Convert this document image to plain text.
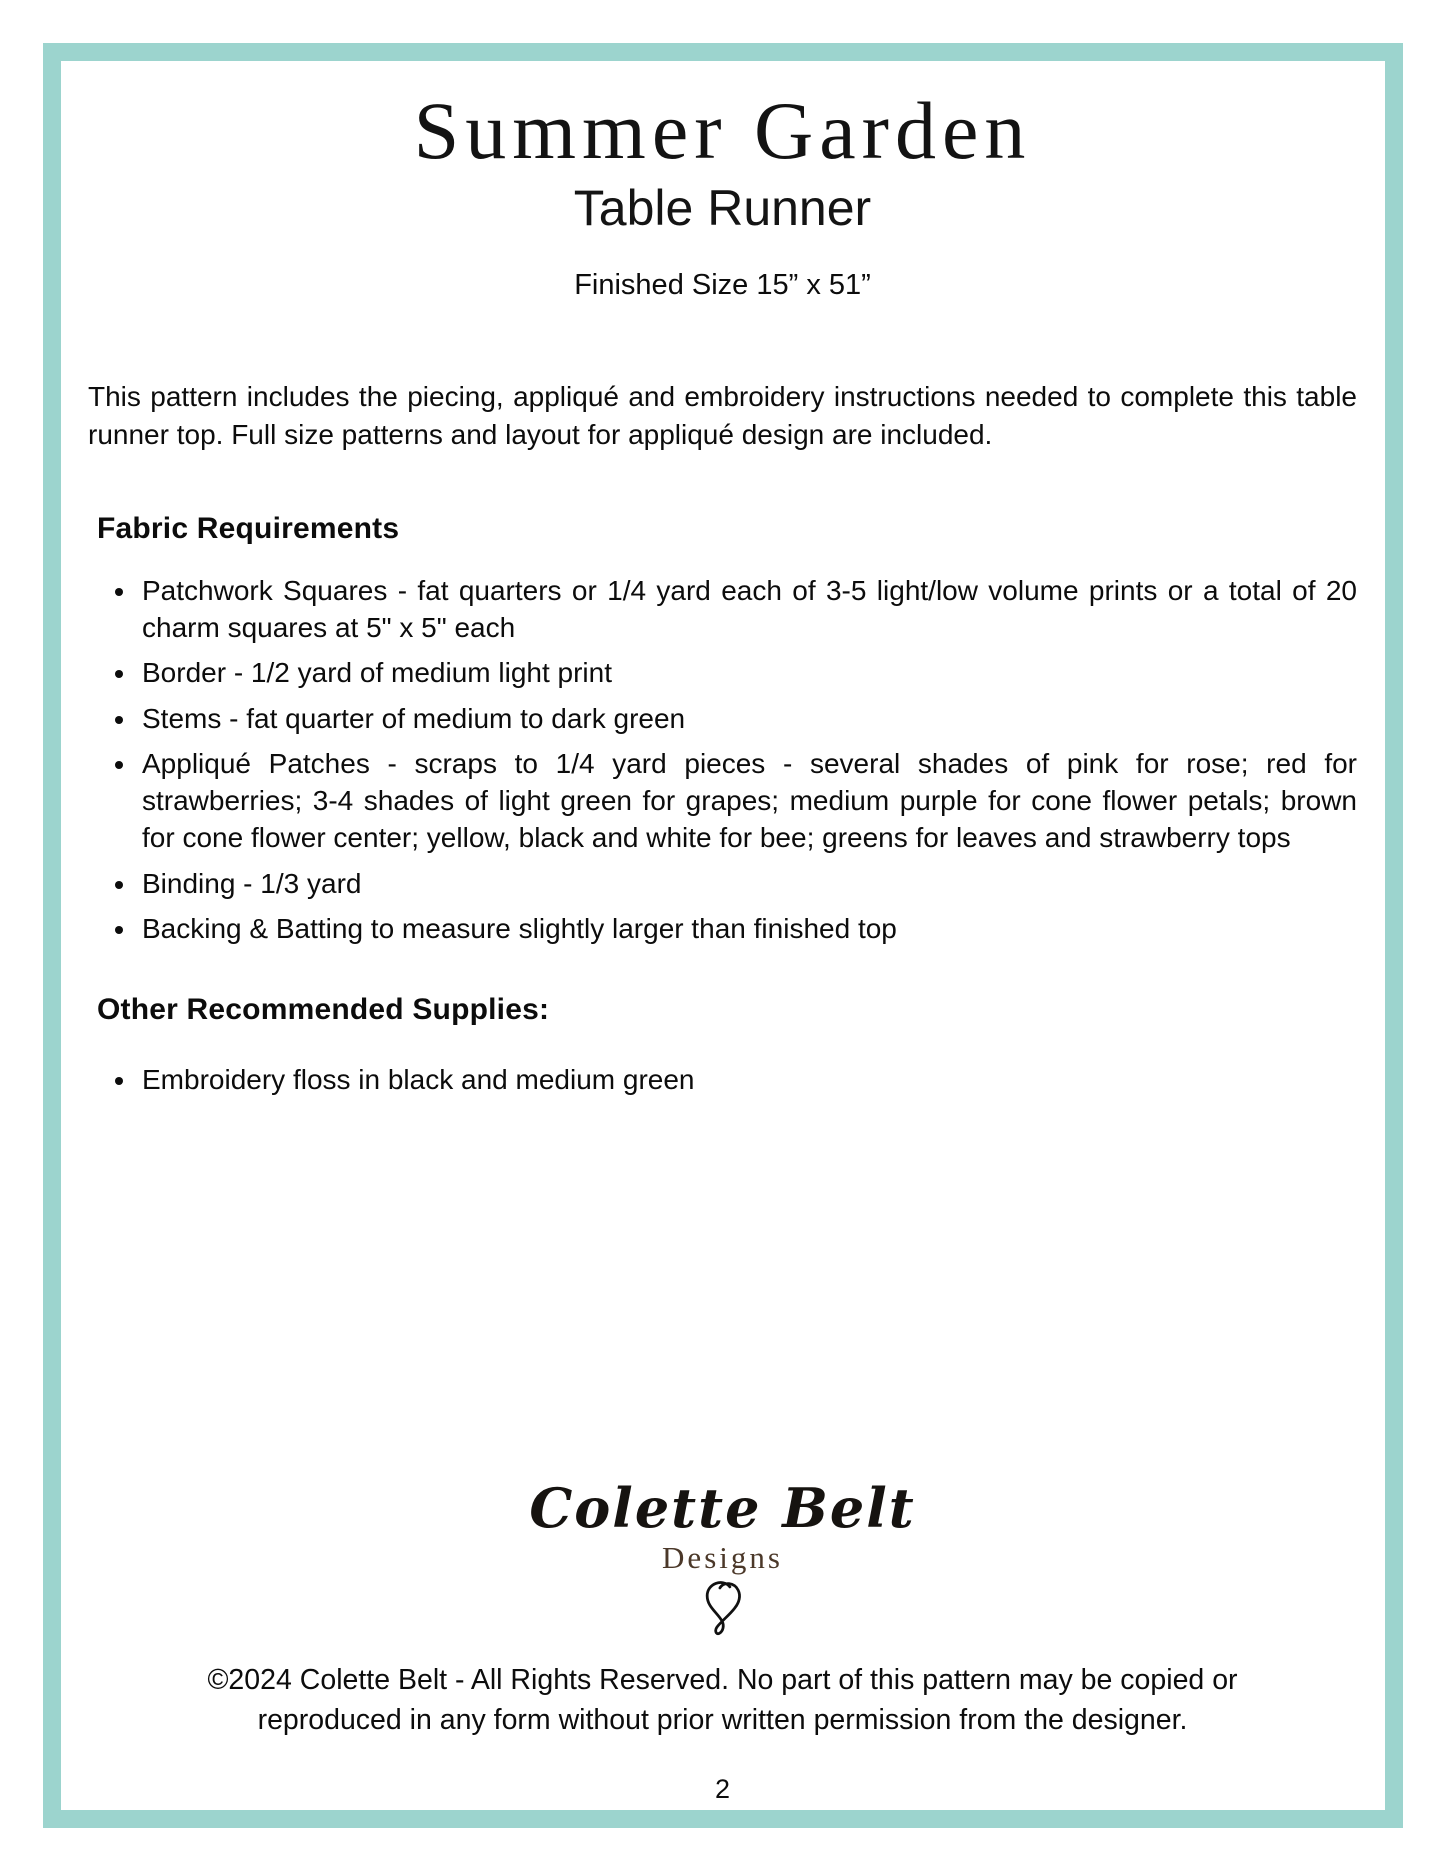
Summer Garden
Table Runner

Finished Size 15” x 51”

This pattern includes the piecing, appliqué and embroidery instructions needed to complete this table runner top. Full size patterns and layout for appliqué design are included.

Fabric Requirements
• Patchwork Squares - fat quarters or 1/4 yard each of 3-5 light/low volume prints or a total of 20 charm squares at 5" x 5" each
• Border - 1/2 yard of medium light print
• Stems - fat quarter of medium to dark green
• Appliqué Patches - scraps to 1/4 yard pieces - several shades of pink for rose; red for strawberries; 3-4 shades of light green for grapes; medium purple for cone flower petals; brown for cone flower center; yellow, black and white for bee; greens for leaves and strawberry tops
• Binding - 1/3 yard
• Backing & Batting to measure slightly larger than finished top
Other Recommended Supplies:
• Embroidery floss in black and medium green
Colette Belt
Designs

©2024 Colette Belt - All Rights Reserved. No part of this pattern may be copied or reproduced in any form without prior written permission from the designer.

2
